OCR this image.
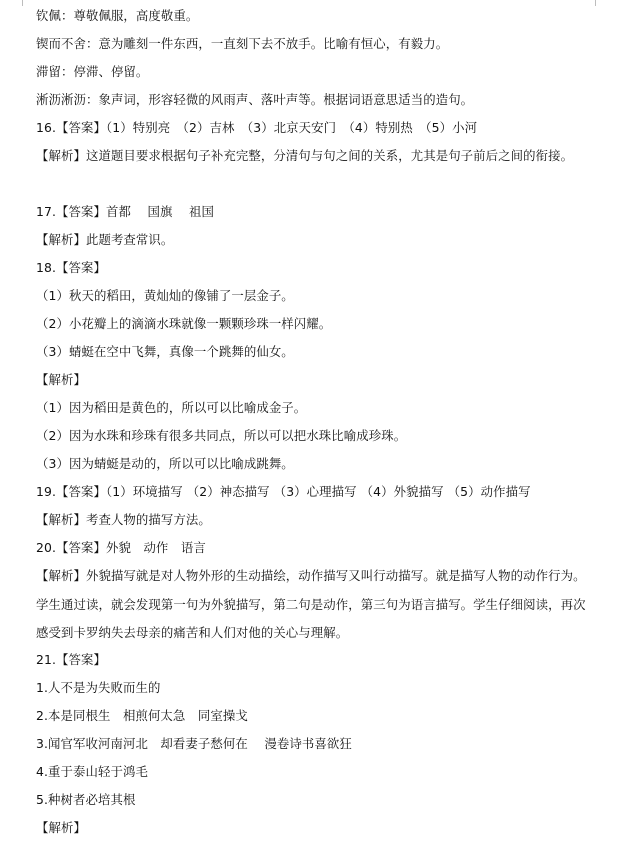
钦佩：尊敬佩服，高度敬重。
锲而不舍：意为雕刻一件东西，一直刻下去不放手。比喻有恒心，有毅力。
滞留：停滞、停留。
淅沥淅沥：象声词，形容轻微的风雨声、落叶声等。根据词语意思适当的造句。
16.【答案】（1）特别亮　（2）吉林　（3）北京天安门　（4）特别热　（5）小河
【解析】这道题目要求根据句子补充完整，分清句与句之间的关系，尤其是句子前后之间的衔接。
17.【答案】首都　 国旗　 祖国
【解析】此题考查常识。
18.【答案】
（1）秋天的稻田，黄灿灿的像铺了一层金子。
（2）小花瓣上的滴滴水珠就像一颗颗珍珠一样闪耀。
（3）蜻蜓在空中飞舞，真像一个跳舞的仙女。
【解析】
（1）因为稻田是黄色的，所以可以比喻成金子。
（2）因为水珠和珍珠有很多共同点，所以可以把水珠比喻成珍珠。
（3）因为蜻蜓是动的，所以可以比喻成跳舞。
19.【答案】（1）环境描写 （2）神态描写 （3）心理描写 （4）外貌描写 （5）动作描写
【解析】考查人物的描写方法。
20.【答案】外貌　动作　语言
【解析】外貌描写就是对人物外形的生动描绘，动作描写又叫行动描写。就是描写人物的动作行为。学生通过读，就会发现第一句为外貌描写，第二句是动作，第三句为语言描写。学生仔细阅读，再次感受到卡罗纳失去母亲的痛苦和人们对他的关心与理解。
21.【答案】
1.人不是为失败而生的
2.本是同根生　相煎何太急　同室操戈
3.闻官军收河南河北　却看妻子愁何在　 漫卷诗书喜欲狂
4.重于泰山轻于鸿毛
5.种树者必培其根
【解析】
